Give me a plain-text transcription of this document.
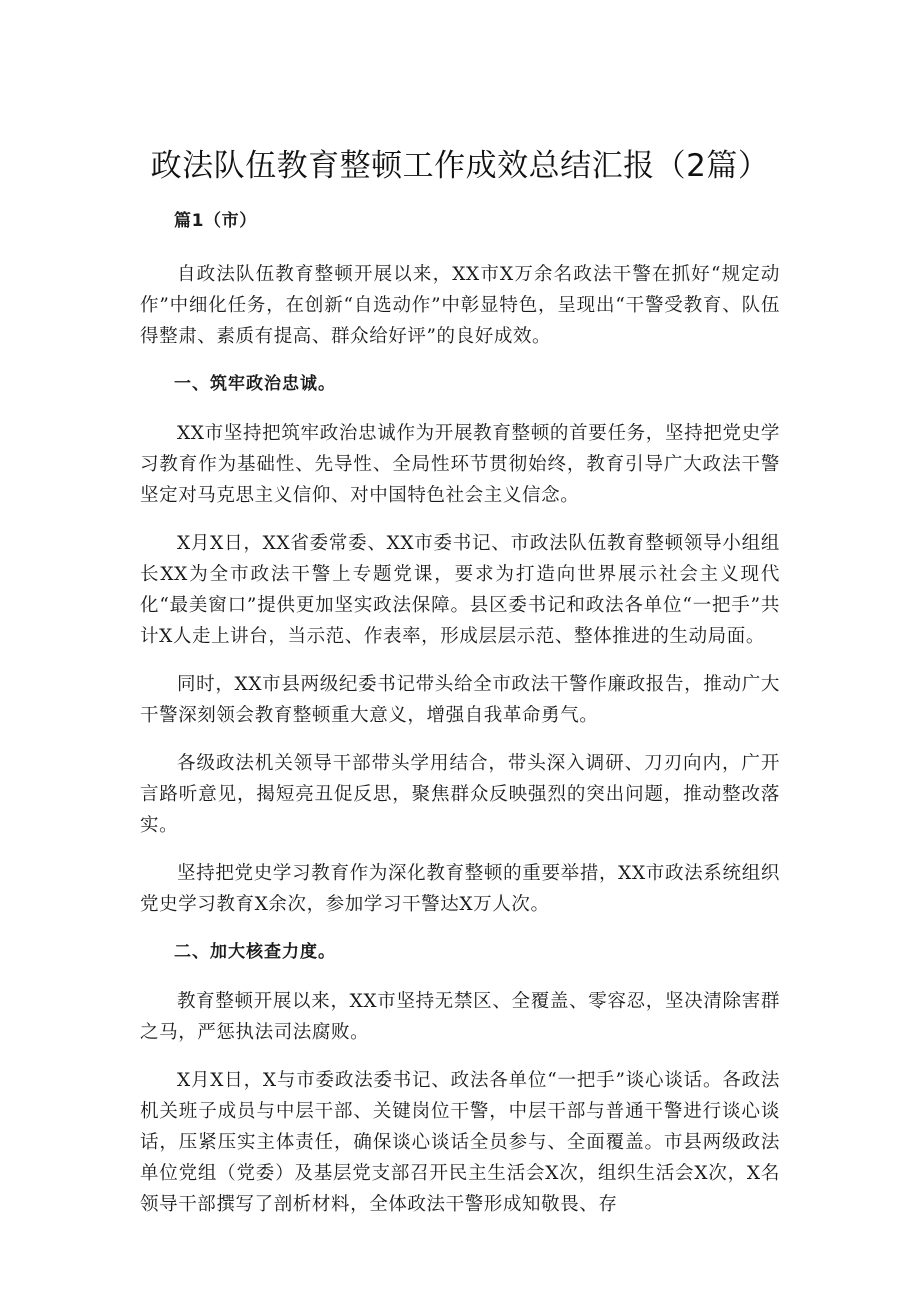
政法队伍教育整顿工作成效总结汇报（2篇）

篇1（市）

自政法队伍教育整顿开展以来，XX市X万余名政法干警在抓好“规定动作”中细化任务，在创新“自选动作”中彰显特色，呈现出“干警受教育、队伍得整肃、素质有提高、群众给好评”的良好成效。

一、筑牢政治忠诚。

XX市坚持把筑牢政治忠诚作为开展教育整顿的首要任务，坚持把党史学习教育作为基础性、先导性、全局性环节贯彻始终，教育引导广大政法干警坚定对马克思主义信仰、对中国特色社会主义信念。

X月X日，XX省委常委、XX市委书记、市政法队伍教育整顿领导小组组长XX为全市政法干警上专题党课，要求为打造向世界展示社会主义现代化“最美窗口”提供更加坚实政法保障。县区委书记和政法各单位“一把手”共计X人走上讲台，当示范、作表率，形成层层示范、整体推进的生动局面。

同时，XX市县两级纪委书记带头给全市政法干警作廉政报告，推动广大干警深刻领会教育整顿重大意义，增强自我革命勇气。

各级政法机关领导干部带头学用结合，带头深入调研、刀刃向内，广开言路听意见，揭短亮丑促反思，聚焦群众反映强烈的突出问题，推动整改落实。

坚持把党史学习教育作为深化教育整顿的重要举措，XX市政法系统组织党史学习教育X余次，参加学习干警达X万人次。

二、加大核查力度。

教育整顿开展以来，XX市坚持无禁区、全覆盖、零容忍，坚决清除害群之马，严惩执法司法腐败。

X月X日，X与市委政法委书记、政法各单位“一把手”谈心谈话。各政法机关班子成员与中层干部、关键岗位干警，中层干部与普通干警进行谈心谈话，压紧压实主体责任，确保谈心谈话全员参与、全面覆盖。市县两级政法单位党组（党委）及基层党支部召开民主生活会X次，组织生活会X次，X名领导干部撰写了剖析材料，全体政法干警形成知敬畏、存
